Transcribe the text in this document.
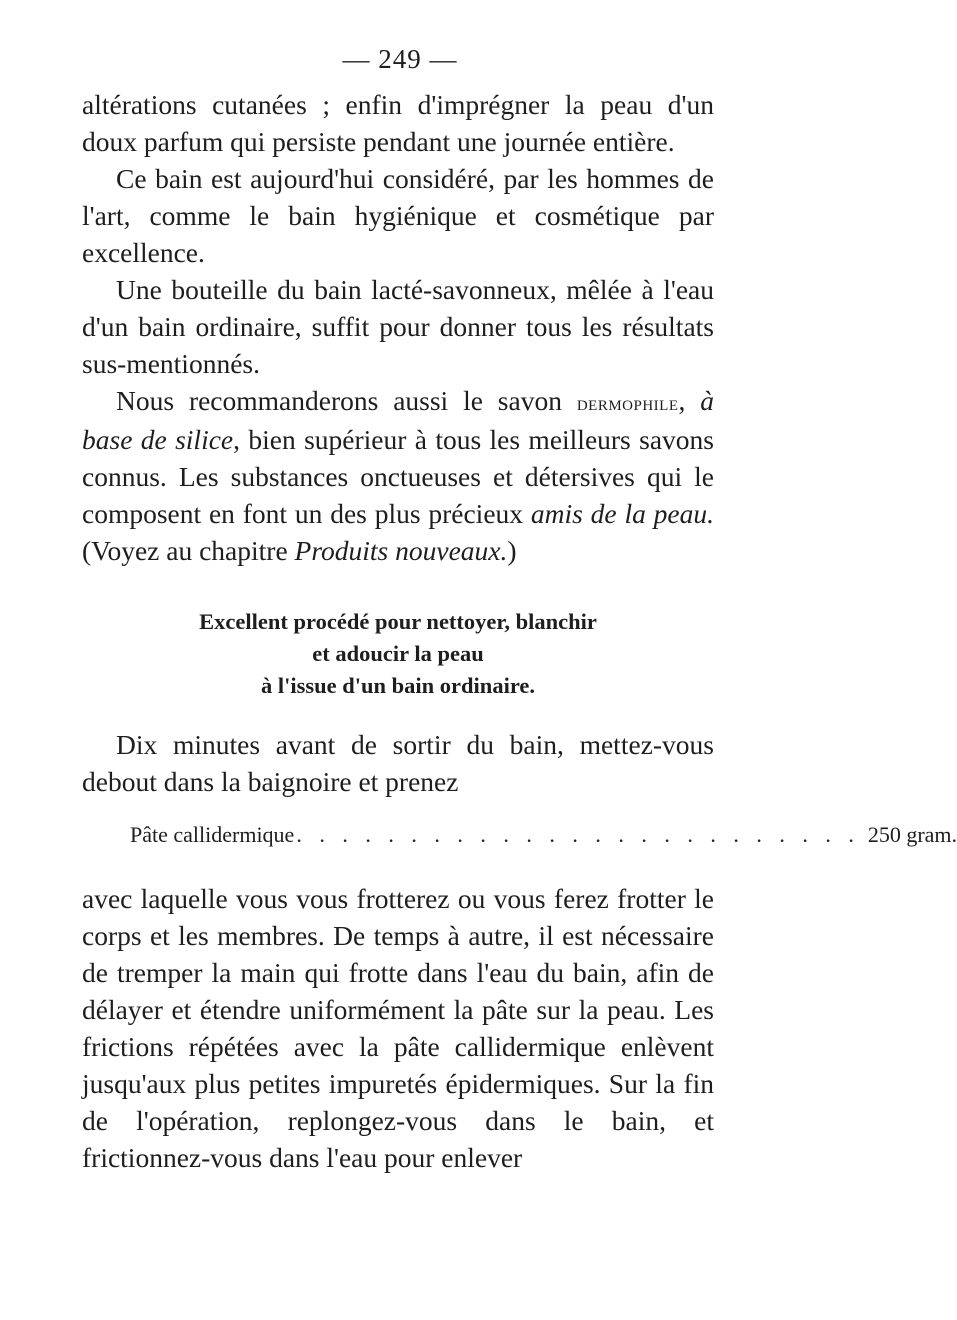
— 249 —

altérations cutanées ; enfin d'imprégner la peau d'un doux parfum qui persiste pendant une journée entière.

Ce bain est aujourd'hui considéré, par les hommes de l'art, comme le bain hygiénique et cosmétique par excellence.

Une bouteille du bain lacté-savonneux, mêlée à l'eau d'un bain ordinaire, suffit pour donner tous les résultats sus-mentionnés.

Nous recommanderons aussi le savon dermophile, à base de silice, bien supérieur à tous les meilleurs savons connus. Les substances onctueuses et détersives qui le composent en font un des plus précieux amis de la peau. (Voyez au chapitre Produits nouveaux.)

Excellent procédé pour nettoyer, blanchir
et adoucir la peau
à l'issue d'un bain ordinaire.

Dix minutes avant de sortir du bain, mettez-vous debout dans la baignoire et prenez

Pâte callidermique . . . . . . . . . . . . . . . . . . . . . . . . . 250 gram.

avec laquelle vous vous frotterez ou vous ferez frotter le corps et les membres. De temps à autre, il est nécessaire de tremper la main qui frotte dans l'eau du bain, afin de délayer et étendre uniformément la pâte sur la peau. Les frictions répétées avec la pâte callidermique enlèvent jusqu'aux plus petites impuretés épidermiques. Sur la fin de l'opération, replongez-vous dans le bain, et frictionnez-vous dans l'eau pour enlever
